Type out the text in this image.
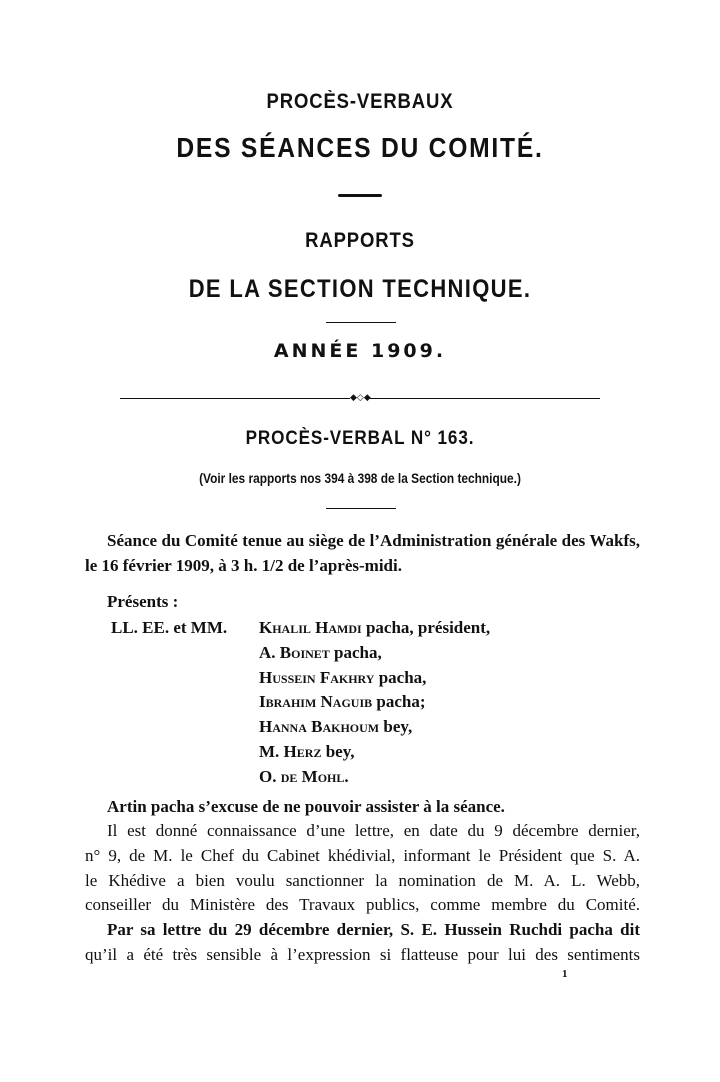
PROCÈS-VERBAUX
DES SÉANCES DU COMITÉ.
RAPPORTS
DE LA SECTION TECHNIQUE.
ANNÉE 1909.
◆◇◆
PROCÈS-VERBAL N° 163.
(Voir les rapports nos 394 à 398 de la Section technique.)
Séance du Comité tenue au siège de l’Administration générale des Wakfs,
le 16 février 1909, à 3 h. 1/2 de l’après-midi.
Présents :
LL. EE. et MM. Khalil Hamdi pacha, président,
A. Boinet pacha,
Hussein Fakhry pacha,
Ibrahim Naguib pacha;
Hanna Bakhoum bey,
M. Herz bey,
O. de Mohl.
Artin pacha s’excuse de ne pouvoir assister à la séance.
Il est donné connaissance d’une lettre, en date du 9 décembre dernier,
n° 9, de M. le Chef du Cabinet khédivial, informant le Président que S. A.
le Khédive a bien voulu sanctionner la nomination de M. A. L. Webb,
conseiller du Ministère des Travaux publics, comme membre du Comité.
Par sa lettre du 29 décembre dernier, S. E. Hussein Ruchdi pacha dit
qu’il a été très sensible à l’expression si flatteuse pour lui des sentiments
1
